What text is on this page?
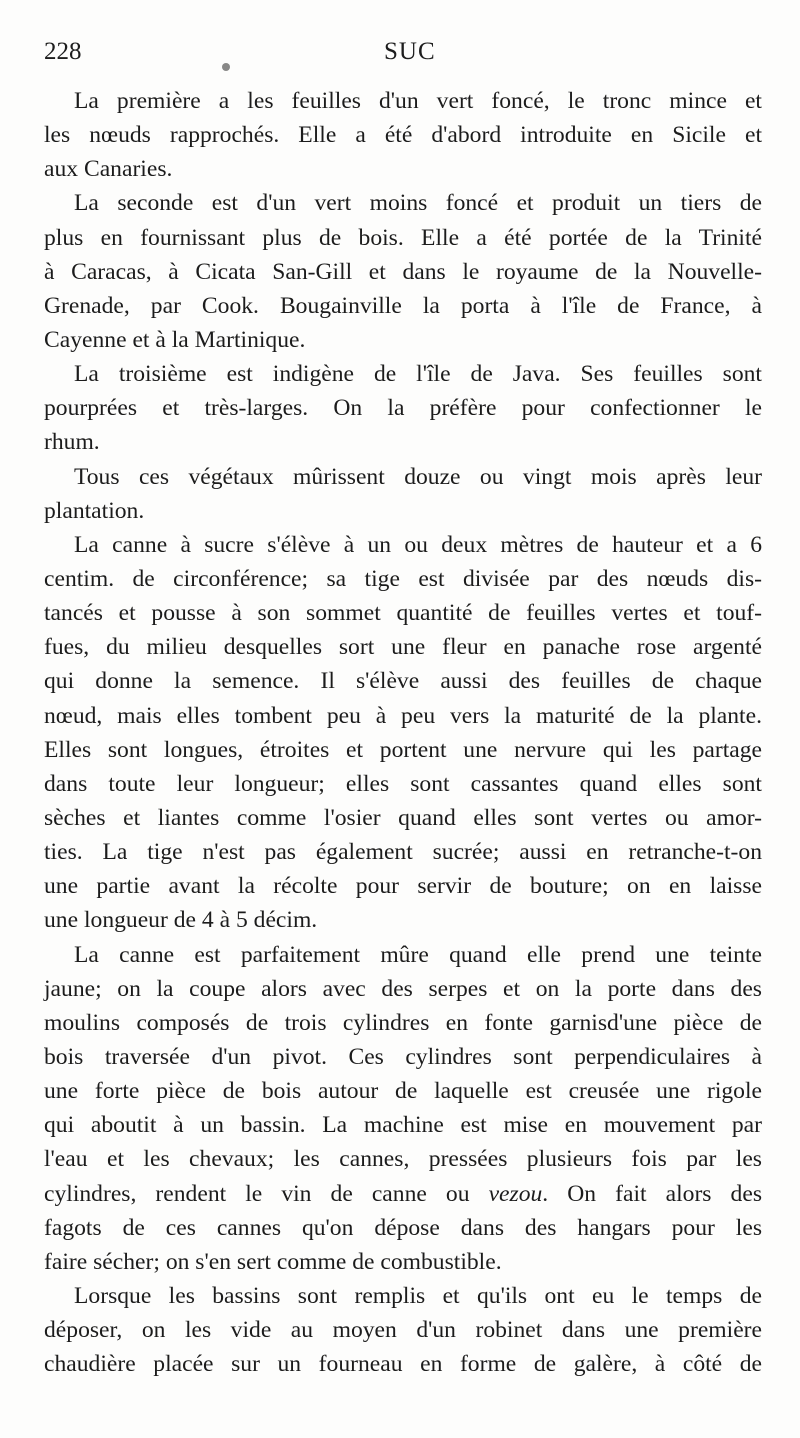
228	SUC
La première a les feuilles d'un vert foncé, le tronc mince et
les nœuds rapprochés. Elle a été d'abord introduite en Sicile et
aux Canaries.
La seconde est d'un vert moins foncé et produit un tiers de
plus en fournissant plus de bois. Elle a été portée de la Trinité
à Caracas, à Cicata San-Gill et dans le royaume de la Nouvelle-
Grenade, par Cook. Bougainville la porta à l'île de France, à
Cayenne et à la Martinique.
La troisième est indigène de l'île de Java. Ses feuilles sont
pourprées et très-larges. On la préfère pour confectionner le
rhum.
Tous ces végétaux mûrissent douze ou vingt mois après leur
plantation.
La canne à sucre s'élève à un ou deux mètres de hauteur et a 6
centim. de circonférence; sa tige est divisée par des nœuds dis-
tancés et pousse à son sommet quantité de feuilles vertes et touf-
fues, du milieu desquelles sort une fleur en panache rose argenté
qui donne la semence. Il s'élève aussi des feuilles de chaque
nœud, mais elles tombent peu à peu vers la maturité de la plante.
Elles sont longues, étroites et portent une nervure qui les partage
dans toute leur longueur; elles sont cassantes quand elles sont
sèches et liantes comme l'osier quand elles sont vertes ou amor-
ties. La tige n'est pas également sucrée; aussi en retranche-t-on
une partie avant la récolte pour servir de bouture; on en laisse
une longueur de 4 à 5 décim.
La canne est parfaitement mûre quand elle prend une teinte
jaune; on la coupe alors avec des serpes et on la porte dans des
moulins composés de trois cylindres en fonte garnisd'une pièce de
bois traversée d'un pivot. Ces cylindres sont perpendiculaires à
une forte pièce de bois autour de laquelle est creusée une rigole
qui aboutit à un bassin. La machine est mise en mouvement par
l'eau et les chevaux; les cannes, pressées plusieurs fois par les
cylindres, rendent le vin de canne ou vezou. On fait alors des
fagots de ces cannes qu'on dépose dans des hangars pour les
faire sécher; on s'en sert comme de combustible.
Lorsque les bassins sont remplis et qu'ils ont eu le temps de
déposer, on les vide au moyen d'un robinet dans une première
chaudière placée sur un fourneau en forme de galère, à côté de
